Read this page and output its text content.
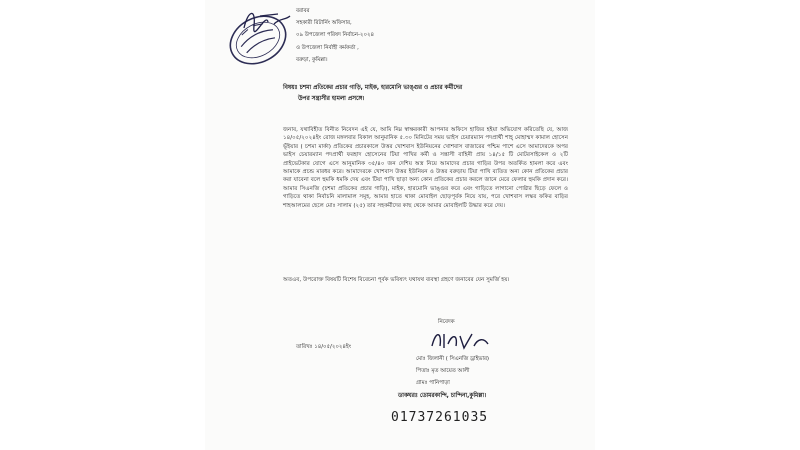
বরাবর
সহকারী রিটার্নিং অফিসার,
০৯ উপজেলা পরিষদ নির্বাচন-২০২৪
ও উপজেলা নির্বাহী কর্মকর্তা ,
বরুড়া, কুমিল্লা।
বিষয়ঃ চশমা প্রতিকের প্রচার গাড়ি, মাইক, হারমোনি ভাঙ্গুর ও প্রচার কর্মীদের
উপর সন্ত্রাসীর হামলা প্রসঙ্গে।
জনাব, যথাবিহীত বিনীত নিবেদন এই যে, আমি নিম্ন স্বাক্ষরকারী আপনার অফিসে হাজির হইয়া অভিযোগ করিতেছি যে, আজ ১৪/০৫/২০২৪ইং রোজ মঙ্গলবার বিকাল আনুমানিক ৫.৩০ মিনিটের সময় ভাইস চেয়ারম্যান পদপ্রার্থী শাহ্ মোহাম্মদ কামাল হোসেন ভূঁইয়ার ( চশমা মার্কা) প্রতিকের প্রচারকালে উত্তর খোশবাস ইউনিয়নের খোশবাস বাজারের পশ্চিম পাশে এসে আমাদেরকে অপর ভাইস চেয়ারম্যান পদপ্রার্থী ফরহাদ হোসেনের টিয়া পাখির কর্মী ও সন্ত্রাসী বাহিনী প্রায় ১৪/১৫ টি মোটরসাইকেল ও ২টি প্রাইভেটকার যোগে এসে আনুমানিক ৩৫/৪০ জন দেশিয় অস্ত্র নিয়ে আমাদের প্রচার গাড়ির উপর অতর্কিত হামলা করে এবং আমাকে প্রচন্ড মারধর করে। আমাদেরকে খোশবাস উত্তর ইউনিয়ন ও উত্তর বরুড়ায় টিয়া পাখি ব্যতিত অন্য কোন প্রতিকের প্রচার করা যাবেনা বলে হুমকি ধমকি দেয় এবং টিয়া পাখি ছাড়া অন্য কোন প্রতিকের প্রচার করলে জানে মেরে ফেলার হুমকি প্রদান করে। আমার সিএনজি (চশমা প্রতিকের প্রচার গাড়ি), মাইক, হারমোনি ভাঙ্গুর করে এবং গাড়িতে লাগানো পোষ্টার ছিড়ে ফেলে ও গাড়িতে থাকা নির্বাচনি মালামাল সমূহ, আমার হাতে থাকা মোবাইল ছোড়পূর্বক নিয়ে যায়, পরে খোশবাস লস্কর ফকির বাড়ির শাহআলমের ছেলে মোঃ সালাম (২৫) তার সহকর্মীদের কাছ থেকে আমার মোবাইলটি উদ্ধার করে দেয়।
অতএব, উপরোক্ত বিষয়টি বিশেষ বিবেচনা পূর্বক ভবিষ্যৎ যথাযথ ব্যবস্থা গ্রহণে জনাবের যেন সুমর্জি হয়।
তারিখঃ ১৪/০৫/২০২৪ইং
নিবেদক
মোঃ জিলানী ( সিএনজি ড্রাইভার)
পিতাঃ মৃত আয়েত আলী
গ্রামঃ পানিপাড়া
ডাকঘরঃ ডোমরকান্দি, চান্দিনা,কুমিল্লা।
01737261035
